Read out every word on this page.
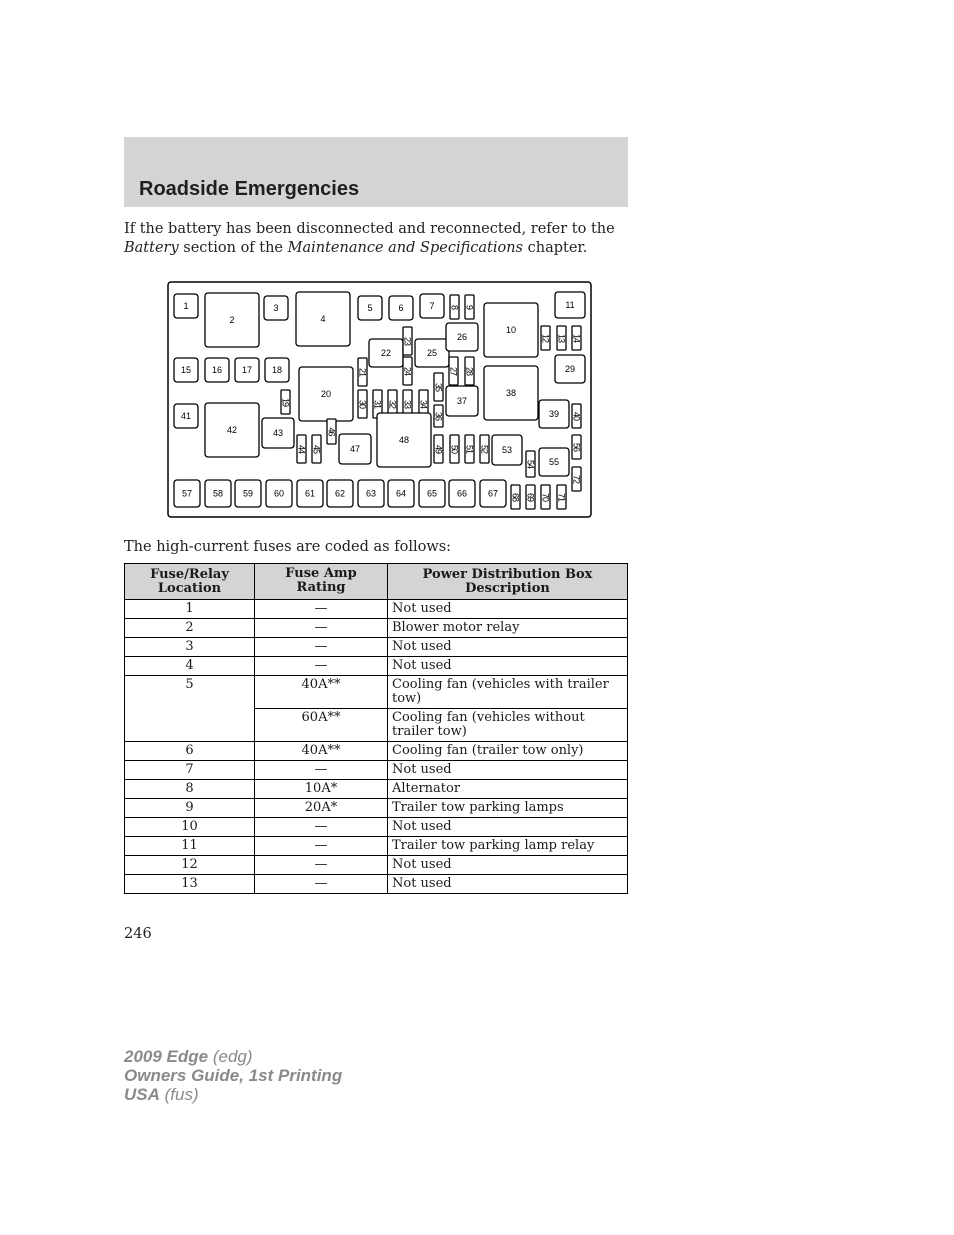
Roadside Emergencies
If the battery has been disconnected and reconnected, refer to the Battery section of the Maintenance and Specifications chapter.
1
2
3
4
5	6	7 8 9
10
11
12 13 14
15 16 17 18
19
20
21
22
23
24
25
26
27 28	29
30 31 32 33 34
35
36
37
38
39 40
41
42	43
44 45
46
47
48
49 50 51 52 53
54 55
56
57 58 59 60 61 62 63 64 65 66 67 68 69 70 71
72
The high-current fuses are coded as follows:
Fuse/Relay Location	Fuse Amp Rating	Power Distribution Box Description
1	—	Not used
2	—	Blower motor relay
3	—	Not used
4	—	Not used
5	40A**	Cooling fan (vehicles with trailer tow)
	60A**	Cooling fan (vehicles without trailer tow)
6	40A**	Cooling fan (trailer tow only)
7	—	Not used
8	10A*	Alternator
9	20A*	Trailer tow parking lamps
10	—	Not used
11	—	Trailer tow parking lamp relay
12	—	Not used
13	—	Not used
246
2009 Edge (edg)
Owners Guide, 1st Printing
USA (fus)
